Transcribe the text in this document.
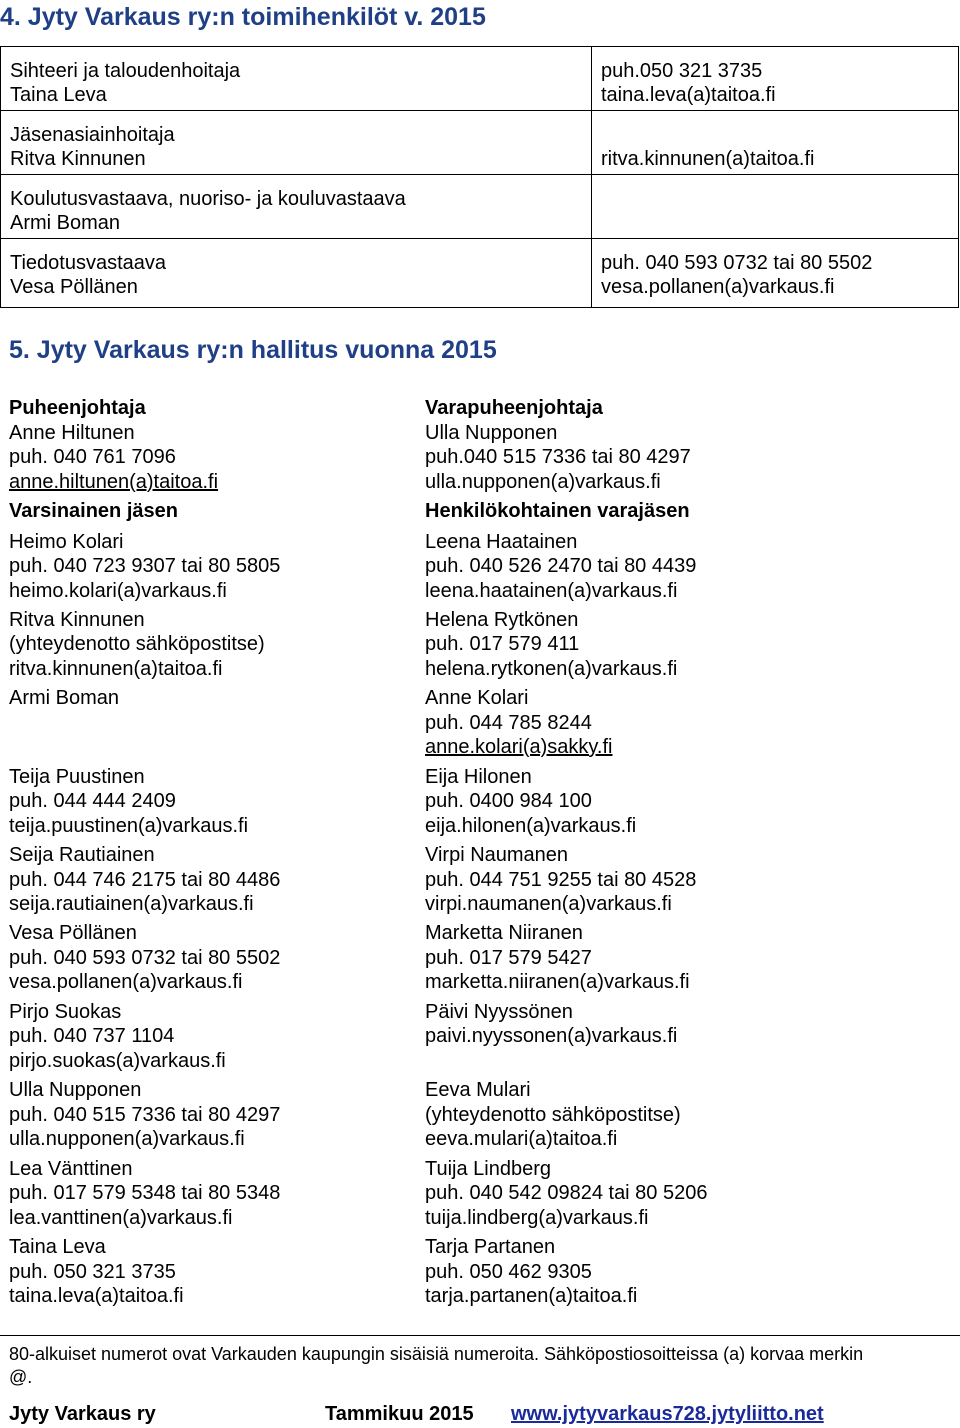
4. Jyty Varkaus ry:n toimihenkilöt v. 2015
Sihteeri ja taloudenhoitaja
Taina Leva
puh.050 321 3735
taina.leva(a)taitoa.fi
Jäsenasiainhoitaja
Ritva Kinnunen	ritva.kinnunen(a)taitoa.fi
Koulutusvastaava, nuoriso- ja kouluvastaava
Armi Boman
Tiedotusvastaava
Vesa Pöllänen
puh. 040 593 0732 tai 80 5502
vesa.pollanen(a)varkaus.fi
5. Jyty Varkaus ry:n hallitus vuonna 2015
80-alkuiset numerot ovat Varkauden kaupungin sisäisiä numeroita. Sähköpostiosoitteissa (a) korvaa merkin
@.
Jyty Varkaus ry	Tammikuu 2015 www.jytyvarkaus728.jytyliitto.net
Puheenjohtaja
Anne Hiltunen
puh. 040 761 7096
anne.hiltunen(a)taitoa.fi
Varsinainen jäsen
Heimo Kolari
puh. 040 723 9307 tai 80 5805
heimo.kolari(a)varkaus.fi
Ritva Kinnunen
(yhteydenotto sähköpostitse)
ritva.kinnunen(a)taitoa.fi
Armi Boman
Teija Puustinen
puh. 044 444 2409
teija.puustinen(a)varkaus.fi
Seija Rautiainen
puh. 044 746 2175 tai 80 4486
seija.rautiainen(a)varkaus.fi
Vesa Pöllänen
puh. 040 593 0732 tai 80 5502
vesa.pollanen(a)varkaus.fi
Pirjo Suokas
puh. 040 737 1104
pirjo.suokas(a)varkaus.fi
Ulla Nupponen
puh. 040 515 7336 tai 80 4297
ulla.nupponen(a)varkaus.fi
Lea Vänttinen
puh. 017 579 5348 tai 80 5348
lea.vanttinen(a)varkaus.fi
Taina Leva
puh. 050 321 3735
taina.leva(a)taitoa.fi
Varapuheenjohtaja
Ulla Nupponen
puh.040 515 7336 tai 80 4297
ulla.nupponen(a)varkaus.fi
Henkilökohtainen varajäsen
Leena Haatainen
puh. 040 526 2470 tai 80 4439
leena.haatainen(a)varkaus.fi
Helena Rytkönen
puh. 017 579 411
helena.rytkonen(a)varkaus.fi
Anne Kolari
puh. 044 785 8244
anne.kolari(a)sakky.fi
Eija Hilonen
puh. 0400 984 100
eija.hilonen(a)varkaus.fi
Virpi Naumanen
puh. 044 751 9255 tai 80 4528
virpi.naumanen(a)varkaus.fi
Marketta Niiranen
puh. 017 579 5427
marketta.niiranen(a)varkaus.fi
Päivi Nyyssönen
paivi.nyyssonen(a)varkaus.fi
Eeva Mulari
(yhteydenotto sähköpostitse)
eeva.mulari(a)taitoa.fi
Tuija Lindberg
puh. 040 542 09824 tai 80 5206
tuija.lindberg(a)varkaus.fi
Tarja Partanen
puh. 050 462 9305
tarja.partanen(a)taitoa.fi
